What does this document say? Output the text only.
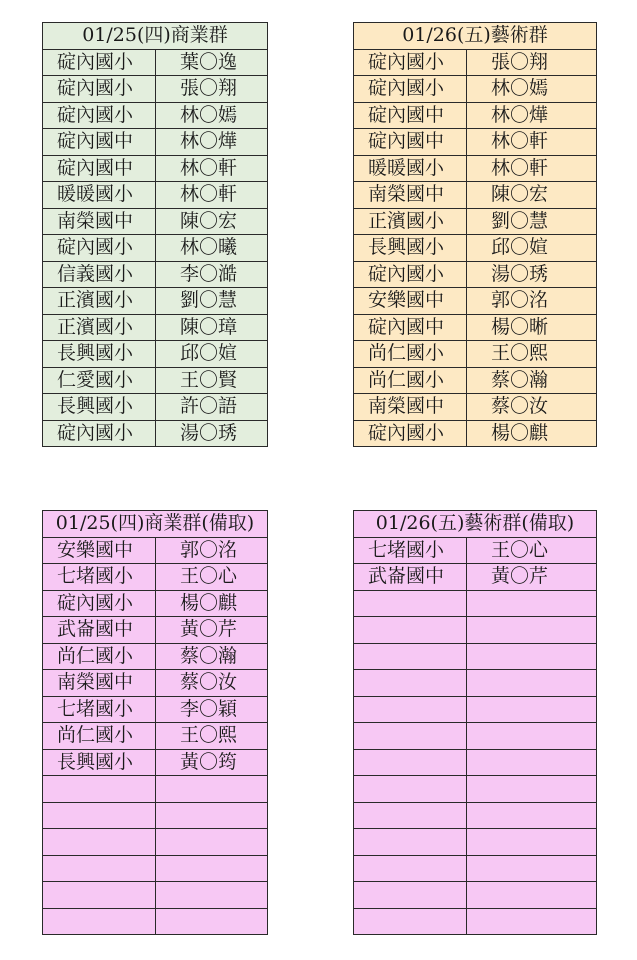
01/25(四)商業群	
碇內國小	葉〇逸
碇內國小	張〇翔
碇內國小	林〇嫣
碇內國中	林〇燁
碇內國中	林〇軒
暖暖國小	林〇軒
南榮國中	陳〇宏
碇內國小	林〇曦
信義國小	李〇澔
正濱國小	劉〇慧
正濱國小	陳〇璋
長興國小	邱〇媗
仁愛國小	王〇賢
長興國小	許〇語
碇內國小	湯〇琇
01/26(五)藝術群	
碇內國小	張〇翔
碇內國小	林〇嫣
碇內國中	林〇燁
碇內國中	林〇軒
暖暖國小	林〇軒
南榮國中	陳〇宏
正濱國小	劉〇慧
長興國小	邱〇媗
碇內國小	湯〇琇
安樂國中	郭〇洺
碇內國中	楊〇晰
尚仁國小	王〇熙
尚仁國小	蔡〇瀚
南榮國中	蔡〇汝
碇內國小	楊〇麒
01/25(四)商業群(備取)	
安樂國中	郭〇洺
七堵國小	王〇心
碇內國小	楊〇麒
武崙國中	黃〇芹
尚仁國小	蔡〇瀚
南榮國中	蔡〇汝
七堵國小	李〇穎
尚仁國小	王〇熙
長興國小	黃〇筠

01/26(五)藝術群(備取)	
七堵國小	王〇心
武崙國中	黃〇芹
